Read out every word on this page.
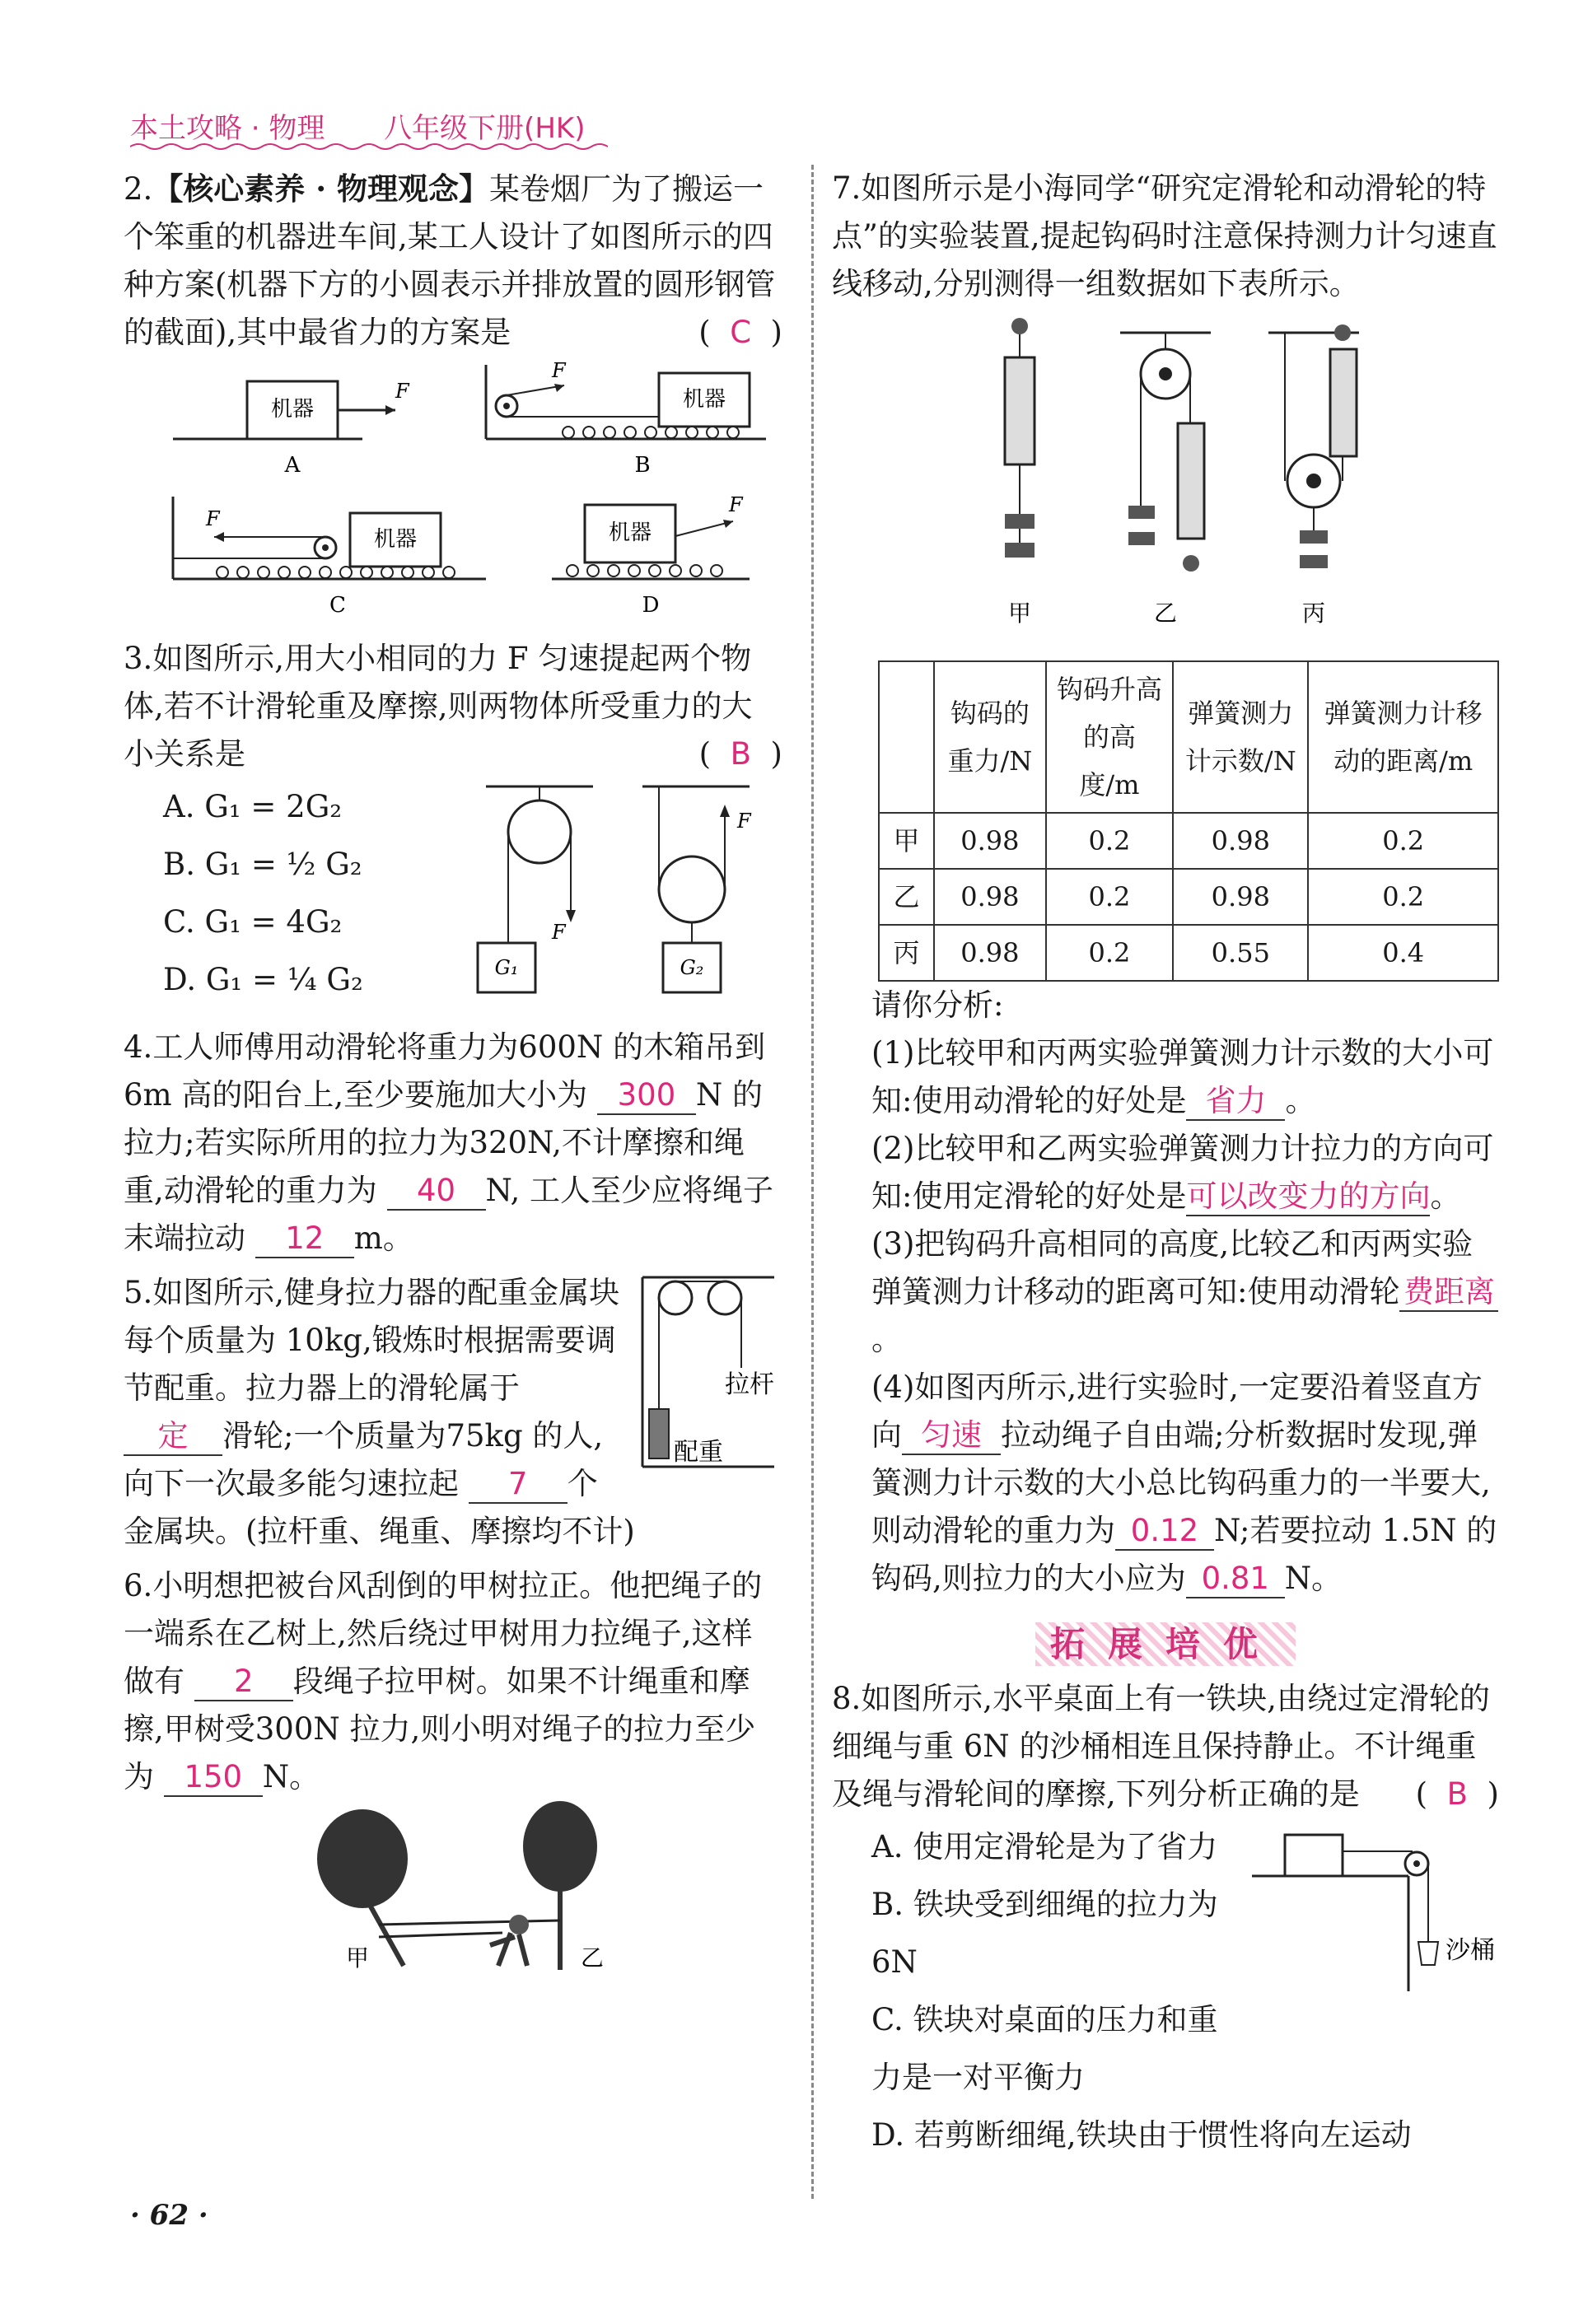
本土攻略 · 物理 八年级下册(HK)
2.【核心素养 · 物理观念】某卷烟厂为了搬运一个笨重的机器进车间,某工人设计了如图所示的四种方案(机器下方的小圆表示并排放置的圆形钢管的截面),其中最省力的方案是	(  C  )
机器
F
A
F
机器
B
F
机器
C
机器
F
D
3.如图所示,用大小相同的力 F 匀速提起两个物体,若不计滑轮重及摩擦,则两物体所受重力的大小关系是	(  B  )
F
G₁
F
G₂
A. G₁ = 2G₂
B. G₁ = ½ G₂
C. G₁ = 4G₂
D. G₁ = ¼ G₂
4.工人师傅用动滑轮将重力为600N 的木箱吊到 6m 高的阳台上,至少要施加大小为 300 N 的拉力;若实际所用的拉力为320N,不计摩擦和绳重,动滑轮的重力为 40 N, 工人至少应将绳子末端拉动 12 m。
拉杆
配重
5.如图所示,健身拉力器的配重金属块每个质量为 10kg,锻炼时根据需要调节配重。拉力器上的滑轮属于 定 滑轮;一个质量为75kg 的人,向下一次最多能匀速拉起 7 个金属块。(拉杆重、绳重、摩擦均不计)
6.小明想把被台风刮倒的甲树拉正。他把绳子的一端系在乙树上,然后绕过甲树用力拉绳子,这样做有 2 段绳子拉甲树。如果不计绳重和摩擦,甲树受300N 拉力,则小明对绳子的拉力至少为 150 N。
甲	乙
7.如图所示是小海同学“研究定滑轮和动滑轮的特点”的实验装置,提起钩码时注意保持测力计匀速直线移动,分别测得一组数据如下表所示。
甲	乙	丙
	钩码的重力/N	钩码升高的高度/m	弹簧测力计示数/N	弹簧测力计移动的距离/m
甲	0.98	0.2	0.98	0.2
乙	0.98	0.2	0.98	0.2
丙	0.98	0.2	0.55	0.4
请你分析:
(1)比较甲和丙两实验弹簧测力计示数的大小可知:使用动滑轮的好处是 省力 。
(2)比较甲和乙两实验弹簧测力计拉力的方向可知:使用定滑轮的好处是可以改变力的方向。
(3)把钩码升高相同的高度,比较乙和丙两实验弹簧测力计移动的距离可知:使用动滑轮 费距离。
(4)如图丙所示,进行实验时,一定要沿着竖直方向 匀速 拉动绳子自由端;分析数据时发现,弹簧测力计示数的大小总比钩码重力的一半要大,则动滑轮的重力为 0.12 N;若要拉动 1.5N 的钩码,则拉力的大小应为 0.81 N。
拓展培优
8.如图所示,水平桌面上有一铁块,由绕过定滑轮的细绳与重 6N 的沙桶相连且保持静止。不计绳重及绳与滑轮间的摩擦,下列分析正确的是 (  B  )
沙桶
A. 使用定滑轮是为了省力
B. 铁块受到细绳的拉力为6N
C. 铁块对桌面的压力和重力是一对平衡力
D. 若剪断细绳,铁块由于惯性将向左运动
· 62 ·
